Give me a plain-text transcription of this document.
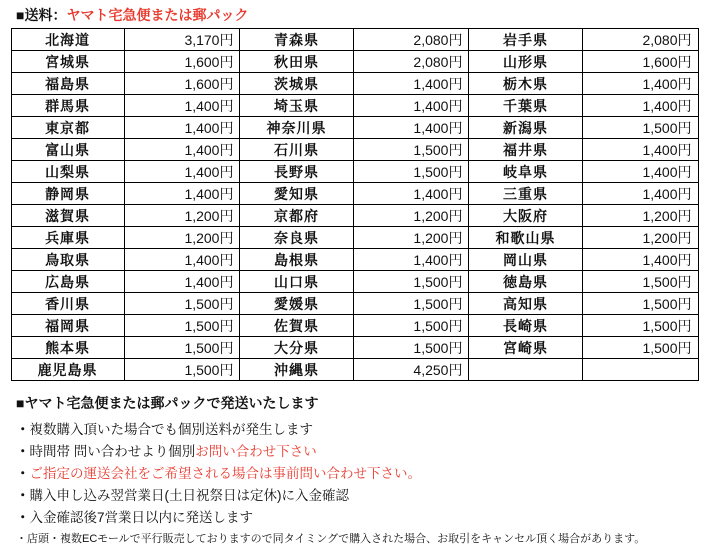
■ 送料 ： ヤマト宅急便または郵パック
北海道	3,170円	青森県	2,080円	岩手県	2,080円
宮城県	1,600円	秋田県	2,080円	山形県	1,600円
福島県	1,600円	茨城県	1,400円	栃木県	1,400円
群馬県	1,400円	埼玉県	1,400円	千葉県	1,400円
東京都	1,400円	神奈川県	1,400円	新潟県	1,500円
富山県	1,400円	石川県	1,500円	福井県	1,400円
山梨県	1,400円	長野県	1,500円	岐阜県	1,400円
静岡県	1,400円	愛知県	1,400円	三重県	1,400円
滋賀県	1,200円	京都府	1,200円	大阪府	1,200円
兵庫県	1,200円	奈良県	1,200円	和歌山県	1,200円
鳥取県	1,400円	島根県	1,400円	岡山県	1,400円
広島県	1,400円	山口県	1,500円	徳島県	1,500円
香川県	1,500円	愛媛県	1,500円	高知県	1,500円
福岡県	1,500円	佐賀県	1,500円	長崎県	1,500円
熊本県	1,500円	大分県	1,500円	宮崎県	1,500円
鹿児島県	1,500円	沖縄県	4,250円		
■ヤマト宅急便または郵パックで発送いたします
・複数購入頂いた場合でも個別送料が発生します
・時間帯 問い合わせより個別お問い合わせ下さい
・ご指定の運送会社をご希望される場合は事前問い合わせ下さい。
・購入申し込み翌営業日(土日祝祭日は定休)に入金確認
・入金確認後7営業日以内に発送します
・店頭・複数ECモールで平行販売しておりますので同タイミングで購入された場合、お取引をキャンセル頂く場合があります。
